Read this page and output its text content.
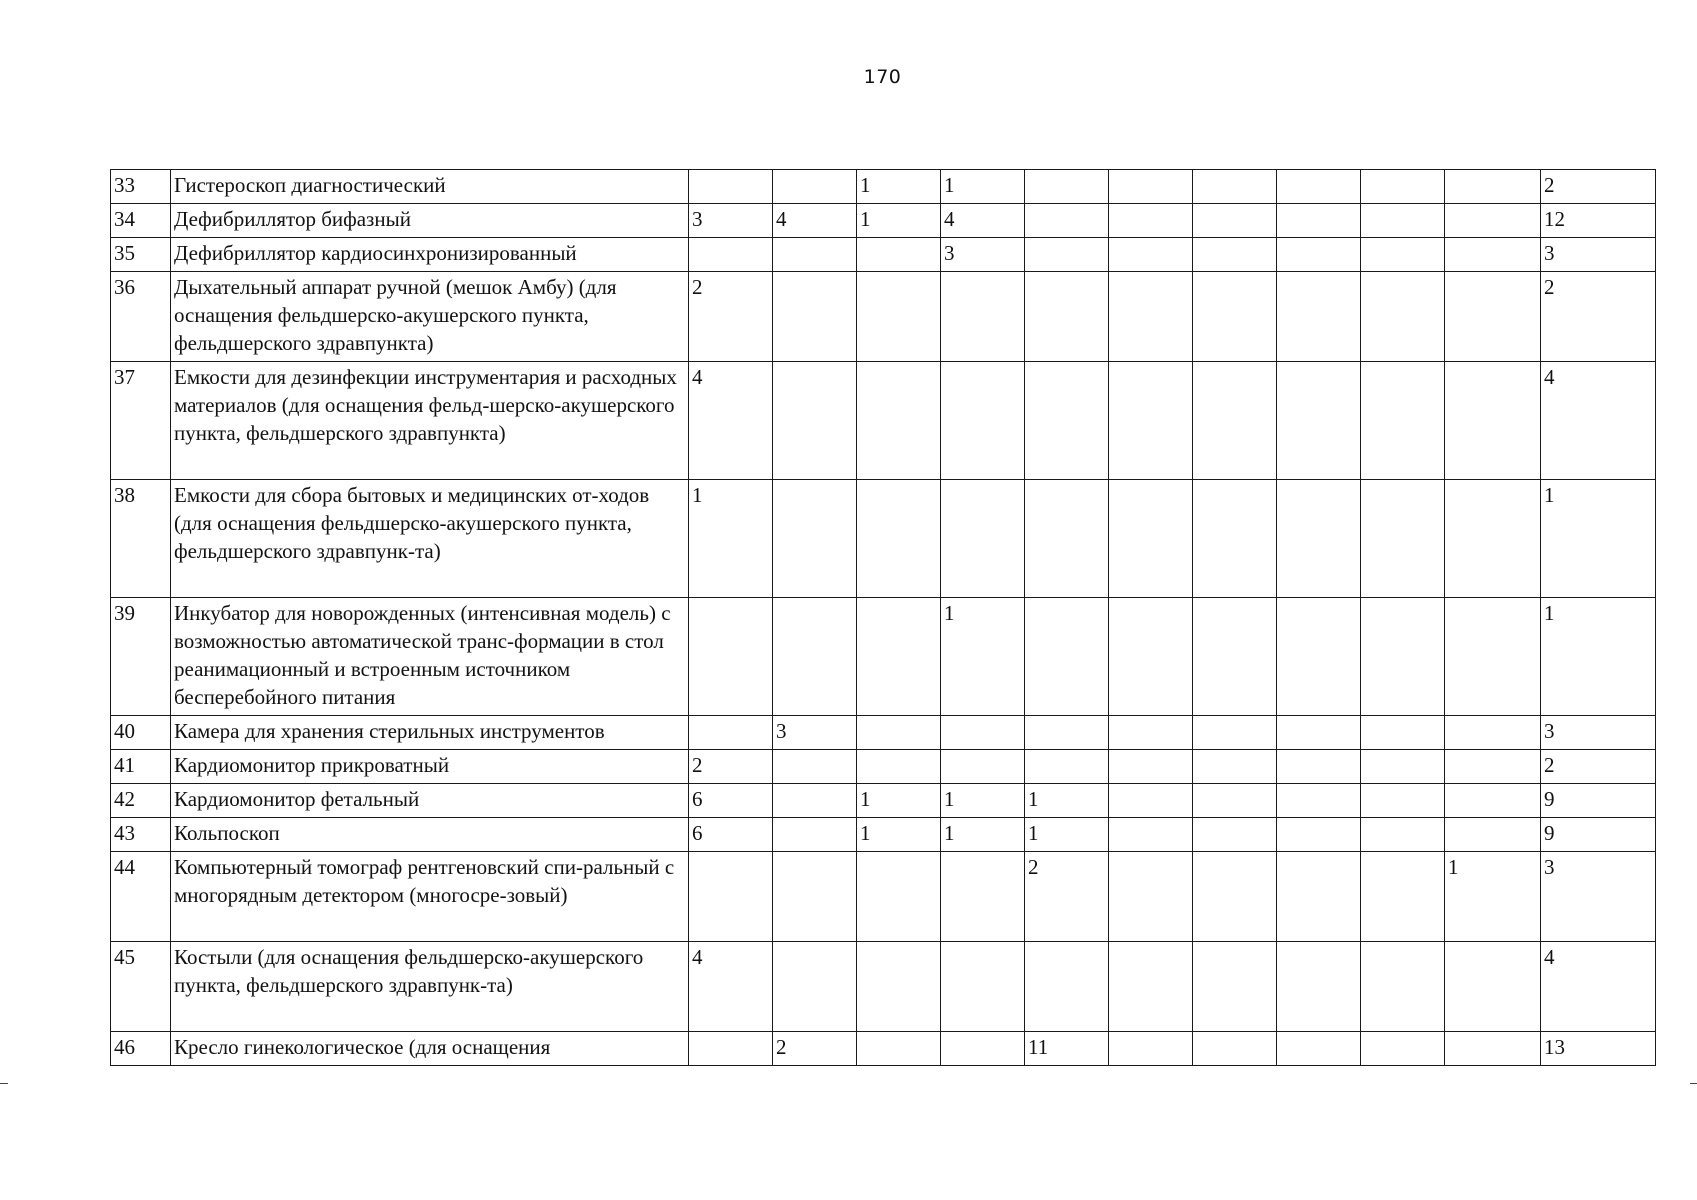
170
33	Гистероскоп диагностический			1	1							2
34	Дефибриллятор бифазный	3	4	1	4							12
35	Дефибриллятор кардиосинхронизированный				3							3
36	Дыхательный аппарат ручной (мешок Амбу) (для оснащения фельдшерско-акушерского пункта, фельдшерского здравпункта)	2										2
37	Емкости для дезинфекции инструментария и расходных материалов (для оснащения фельд-шерско-акушерского пункта, фельдшерского здравпункта)	4										4
38	Емкости для сбора бытовых и медицинских от-ходов (для оснащения фельдшерско-акушерского пункта, фельдшерского здравпунк-та)	1										1
39	Инкубатор для новорожденных (интенсивная модель) с возможностью автоматической транс-формации в стол реанимационный и встроенным источником бесперебойного питания				1							1
40	Камера для хранения стерильных инструментов		3									3
41	Кардиомонитор прикроватный	2										2
42	Кардиомонитор фетальный	6		1	1	1						9
43	Кольпоскоп	6		1	1	1						9
44	Компьютерный томограф рентгеновский спи-ральный с многорядным детектором (многосре-зовый)					2					1	3
45	Костыли (для оснащения фельдшерско-акушерского пункта, фельдшерского здравпунк-та)	4										4
46	Кресло гинекологическое (для оснащения		2			11						13
